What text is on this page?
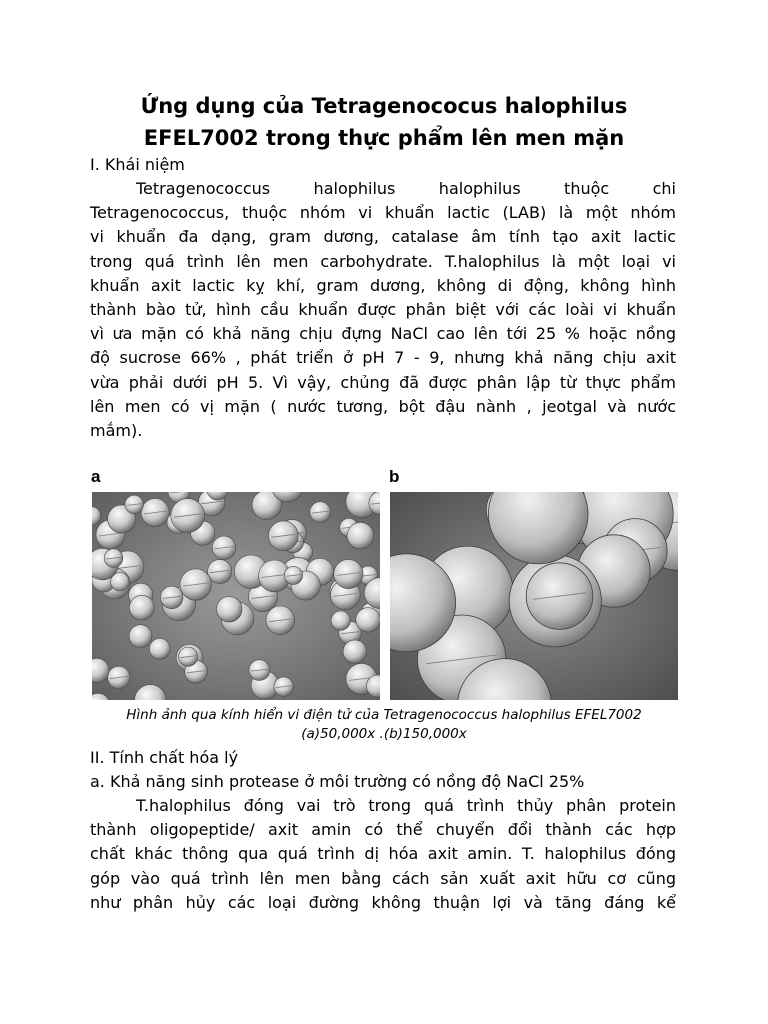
Ứng dụng của Tetragenococus halophilus
EFEL7002 trong thực phẩm lên men mặn
I. Khái niệm
Tetragenococcus halophilus halophilus thuộc chi
Tetragenococcus, thuộc nhóm vi khuẩn lactic (LAB) là một nhóm
vi khuẩn đa dạng, gram dương, catalase âm tính tạo axit lactic
trong quá trình lên men carbohydrate. T.halophilus là một loại vi
khuẩn axit lactic kỵ khí, gram dương, không di động, không hình
thành bào tử, hình cầu khuẩn được phân biệt với các loài vi khuẩn
vì ưa mặn có khả năng chịu đựng NaCl cao lên tới 25 % hoặc nồng
độ sucrose 66% , phát triển ở pH 7 - 9, nhưng khả năng chịu axit
vừa phải dưới pH 5. Vì vậy, chủng đã được phân lập từ thực phẩm
lên men có vị mặn ( nước tương, bột đậu nành , jeotgal và nước
mắm).
a	b
Hình ảnh qua kính hiển vi điện tử của Tetragenococcus halophilus EFEL7002
(a)50,000x .(b)150,000x
II. Tính chất hóa lý
a. Khả năng sinh protease ở môi trường có nồng độ NaCl 25%
T.halophilus đóng vai trò trong quá trình thủy phân protein
thành oligopeptide/ axit amin có thể chuyển đổi thành các hợp
chất khác thông qua quá trình dị hóa axit amin. T. halophilus đóng
góp vào quá trình lên men bằng cách sản xuất axit hữu cơ cũng
như phân hủy các loại đường không thuận lợi và tăng đáng kể
